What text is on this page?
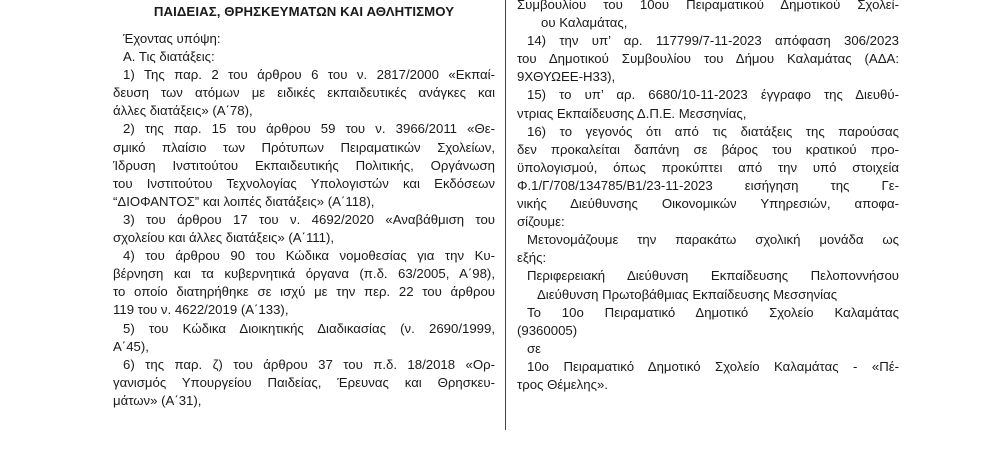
ΠΑΙΔΕΙΑΣ, ΘΡΗΣΚΕΥΜΑΤΩΝ ΚΑΙ ΑΘΛΗΤΙΣΜΟΥ
Έχοντας υπόψη:
Α. Τις διατάξεις:
1) Της παρ. 2 του άρθρου 6 του ν. 2817/2000 «Εκπαί-
δευση των ατόμων με ειδικές εκπαιδευτικές ανάγκες και
άλλες διατάξεις» (Α΄78),
2) της παρ. 15 του άρθρου 59 του ν. 3966/2011 «Θε-
σμικό πλαίσιο των Πρότυπων Πειραματικών Σχολείων,
Ίδρυση Ινστιτούτου Εκπαιδευτικής Πολιτικής, Οργάνωση
του Ινστιτούτου Τεχνολογίας Υπολογιστών και Εκδόσεων
“ΔΙΟΦΑΝΤΟΣ” και λοιπές διατάξεις» (Α΄118),
3) του άρθρου 17 του ν. 4692/2020 «Αναβάθμιση του
σχολείου και άλλες διατάξεις» (Α΄111),
4) του άρθρου 90 του Κώδικα νομοθεσίας για την Κυ-
βέρνηση και τα κυβερνητικά όργανα (π.δ. 63/2005, Α΄98),
το οποίο διατηρήθηκε σε ισχύ με την περ. 22 του άρθρου
119 του ν. 4622/2019 (Α΄133),
5) του Κώδικα Διοικητικής Διαδικασίας (ν. 2690/1999,
Α΄45),
6) της παρ. ζ) του άρθρου 37 του π.δ. 18/2018 «Ορ-
γανισμός Υπουργείου Παιδείας, Έρευνας και Θρησκευ-
μάτων» (Α΄31),
Συμβουλίου του 10ου Πειραματικού Δημοτικού Σχολεί-
ου Καλαμάτας,
14) την υπ’ αρ. 117799/7-11-2023 απόφαση 306/2023
του Δημοτικού Συμβουλίου του Δήμου Καλαμάτας (ΑΔΑ:
9ΧΘΥΩΕΕ-Η33),
15) το υπ’ αρ. 6680/10-11-2023 έγγραφο της Διευθύ-
ντριας Εκπαίδευσης Δ.Π.Ε. Μεσσηνίας,
16) το γεγονός ότι από τις διατάξεις της παρούσας
δεν προκαλείται δαπάνη σε βάρος του κρατικού προ-
ϋπολογισμού, όπως προκύπτει από την υπό στοιχεία
Φ.1/Γ/708/134785/Β1/23-11-2023 εισήγηση της Γε-
νικής Διεύθυνσης Οικονομικών Υπηρεσιών, αποφα-
σίζουμε:
Μετονομάζουμε την παρακάτω σχολική μονάδα ως
εξής:
Περιφερειακή Διεύθυνση Εκπαίδευσης Πελοποννήσου
Διεύθυνση Πρωτοβάθμιας Εκπαίδευσης Μεσσηνίας
Το 10ο Πειραματικό Δημοτικό Σχολείο Καλαμάτας
(9360005)
σε
10ο Πειραματικό Δημοτικό Σχολείο Καλαμάτας - «Πέ-
τρος Θέμελης».
